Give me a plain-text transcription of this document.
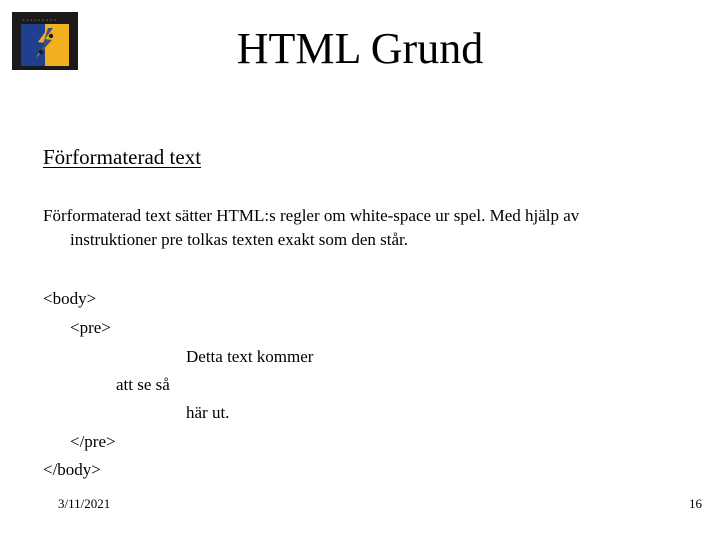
◦◦◦◦◦◦◦◦◦
HTML Grund
Förformaterad text
Förformaterad text sätter HTML:s regler om white-space ur spel. Med hjälp av
instruktioner pre tolkas texten exakt som den står.
<body>
<pre>
Detta text kommer
att se så
här ut.
</pre>
</body>
3/11/2021	16
